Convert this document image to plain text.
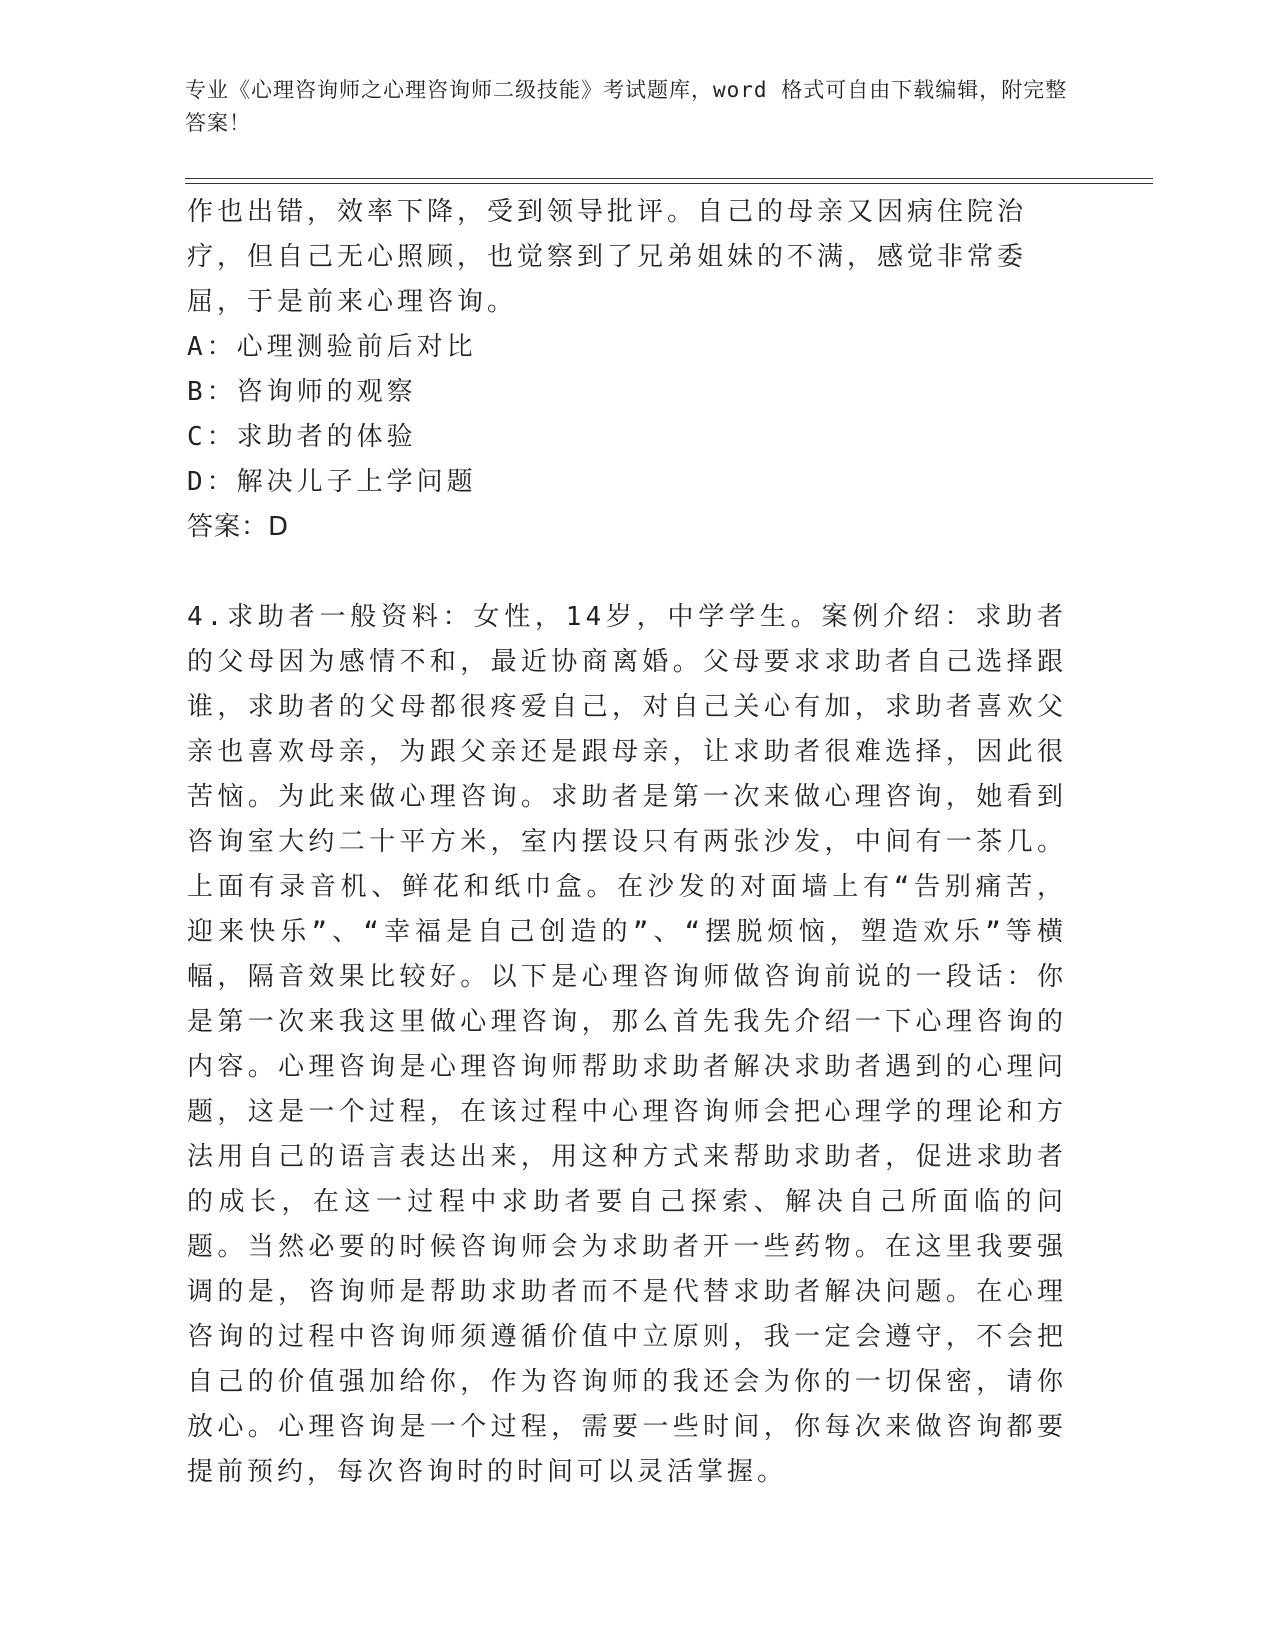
专业《心理咨询师之心理咨询师二级技能》考试题库，word 格式可自由下载编辑，附完整答案！

作也出错，效率下降，受到领导批评。自己的母亲又因病住院治疗，但自己无心照顾，也觉察到了兄弟姐妹的不满，感觉非常委屈，于是前来心理咨询。

A：心理测验前后对比

B：咨询师的观察

C：求助者的体验

D：解决儿子上学问题

答案：D

4.求助者一般资料：女性，14岁，中学学生。案例介绍：求助者的父母因为感情不和，最近协商离婚。父母要求求助者自己选择跟谁，求助者的父母都很疼爱自己，对自己关心有加，求助者喜欢父亲也喜欢母亲，为跟父亲还是跟母亲，让求助者很难选择，因此很苦恼。为此来做心理咨询。求助者是第一次来做心理咨询，她看到咨询室大约二十平方米，室内摆设只有两张沙发，中间有一茶几。上面有录音机、鲜花和纸巾盒。在沙发的对面墙上有“告别痛苦，迎来快乐”、“幸福是自己创造的”、“摆脱烦恼，塑造欢乐”等横幅，隔音效果比较好。以下是心理咨询师做咨询前说的一段话：你是第一次来我这里做心理咨询，那么首先我先介绍一下心理咨询的内容。心理咨询是心理咨询师帮助求助者解决求助者遇到的心理问题，这是一个过程，在该过程中心理咨询师会把心理学的理论和方法用自己的语言表达出来，用这种方式来帮助求助者，促进求助者的成长，在这一过程中求助者要自己探索、解决自己所面临的问题。当然必要的时候咨询师会为求助者开一些药物。在这里我要强调的是，咨询师是帮助求助者而不是代替求助者解决问题。在心理咨询的过程中咨询师须遵循价值中立原则，我一定会遵守，不会把自己的价值强加给你，作为咨询师的我还会为你的一切保密，请你放心。心理咨询是一个过程，需要一些时间，你每次来做咨询都要提前预约，每次咨询时的时间可以灵活掌握。
